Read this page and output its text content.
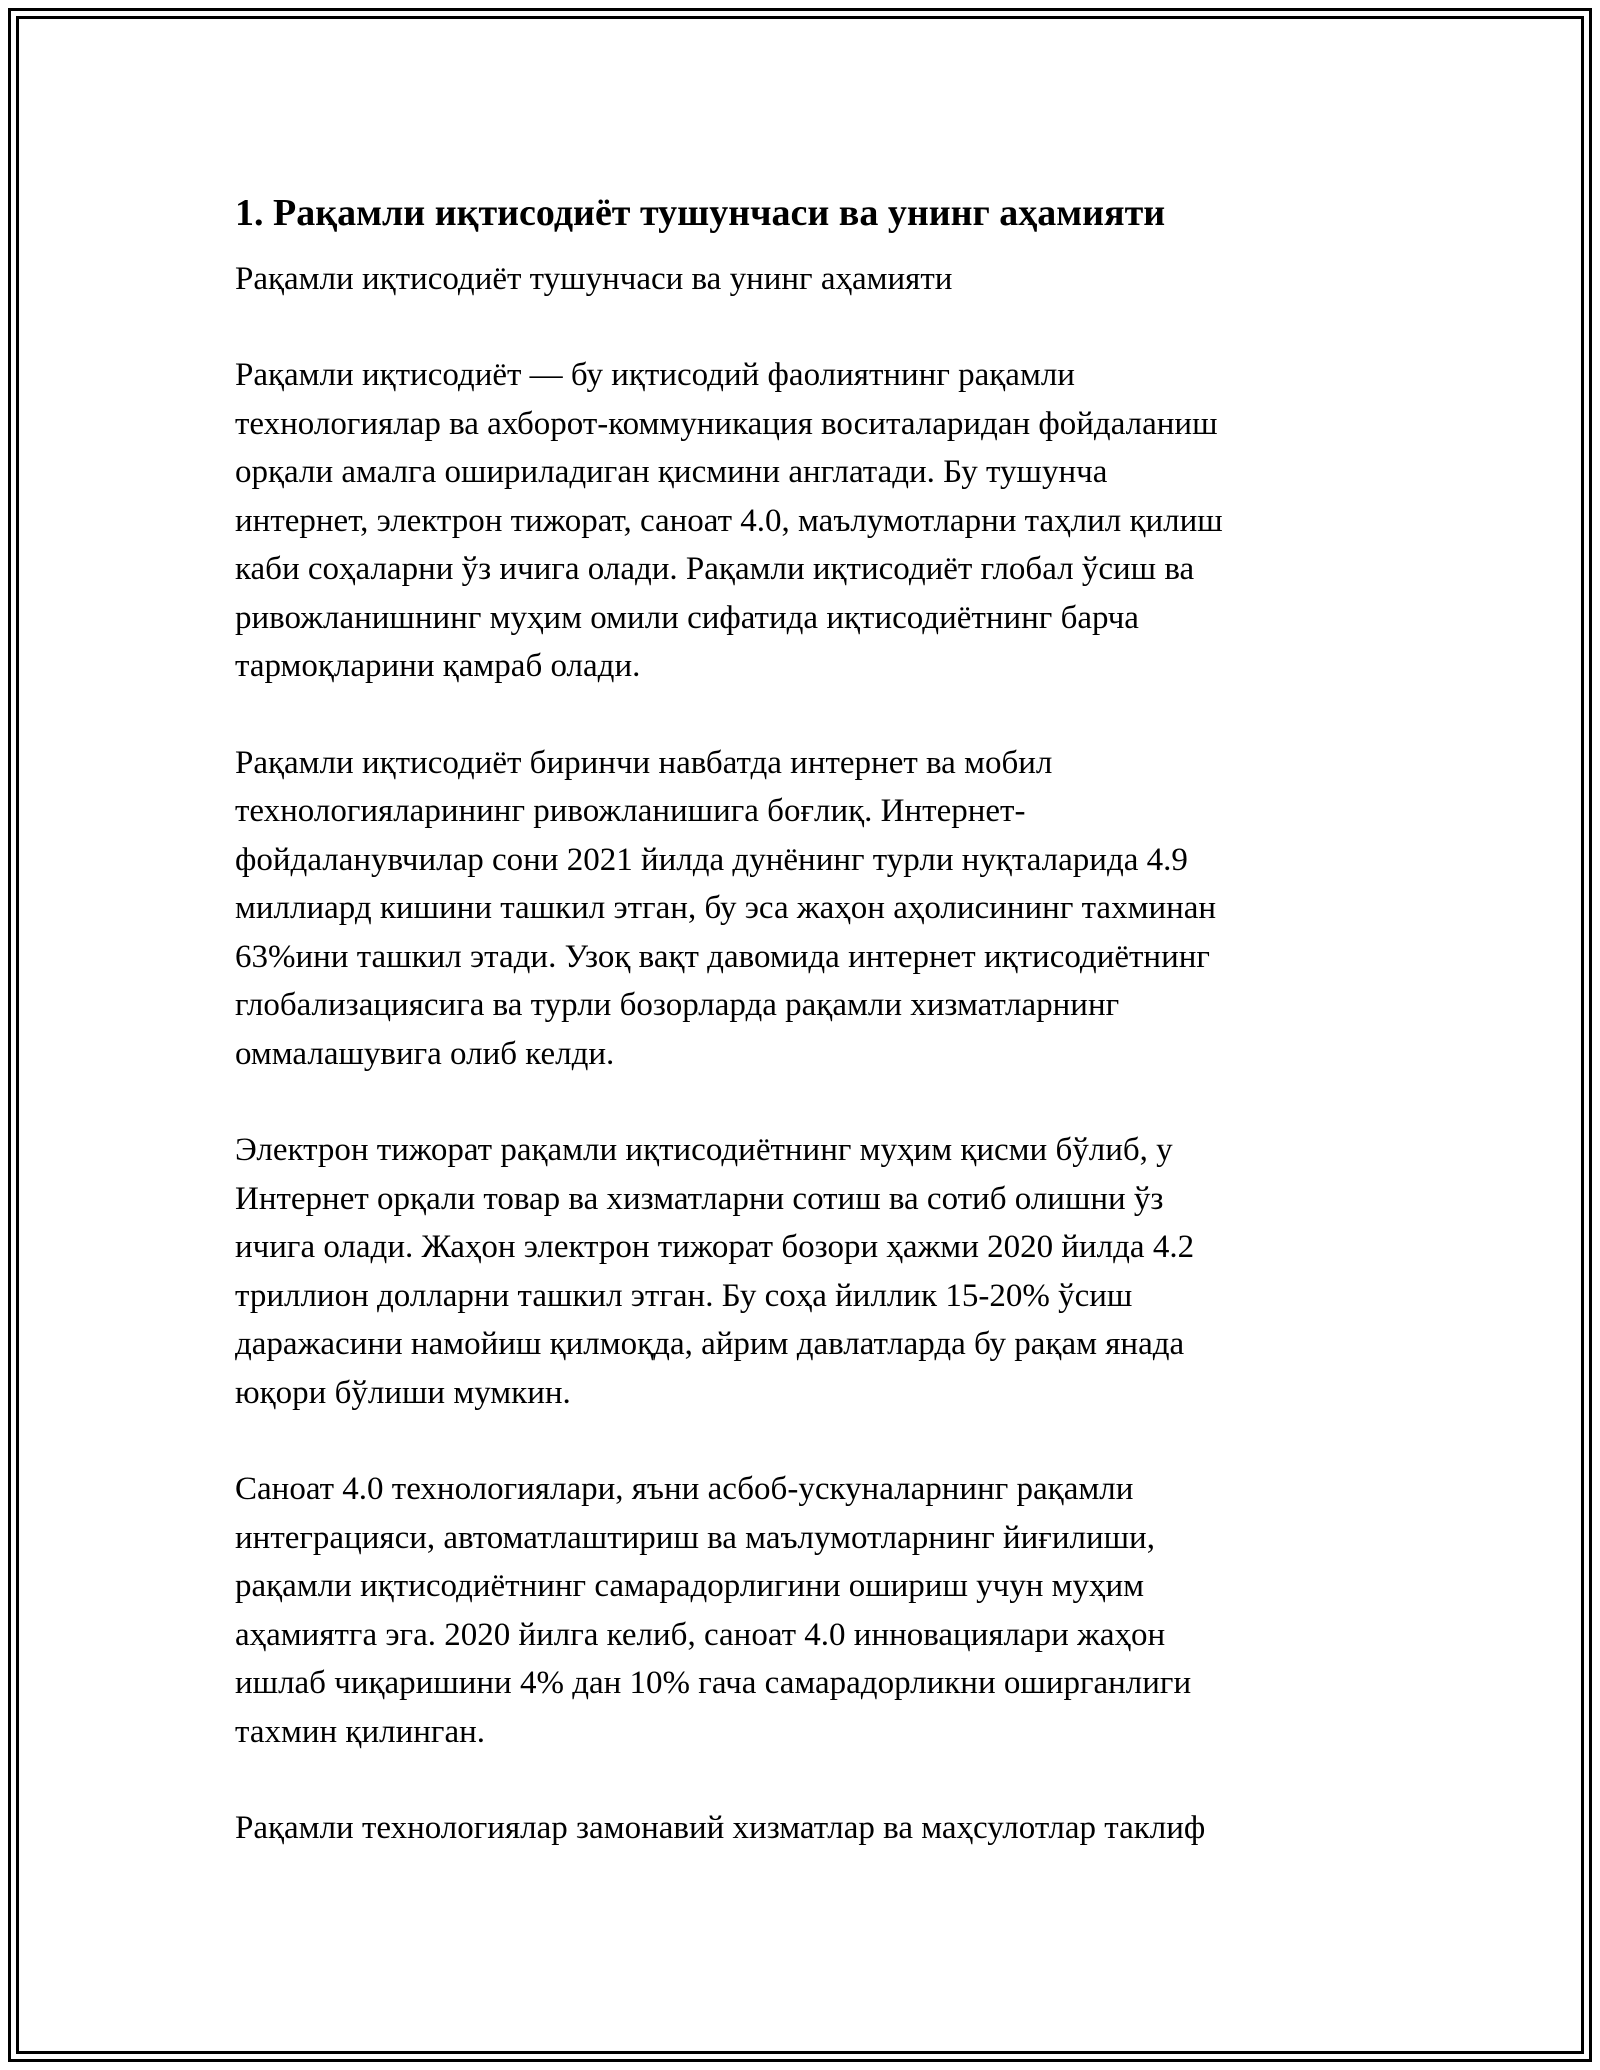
1. Рақамли иқтисодиёт тушунчаси ва унинг аҳамияти
Рақамли иқтисодиёт тушунчаси ва унинг аҳамияти
Рақамли иқтисодиёт — бу иқтисодий фаолиятнинг рақамли
технологиялар ва ахборот-коммуникация воситаларидан фойдаланиш
орқали амалга ошириладиган қисмини англатади. Бу тушунча
интернет, электрон тижорат, саноат 4.0, маълумотларни таҳлил қилиш
каби соҳаларни ўз ичига олади. Рақамли иқтисодиёт глобал ўсиш ва
ривожланишнинг муҳим омили сифатида иқтисодиётнинг барча
тармоқларини қамраб олади.
Рақамли иқтисодиёт биринчи навбатда интернет ва мобил
технологияларининг ривожланишига боғлиқ. Интернет-
фойдаланувчилар сони 2021 йилда дунёнинг турли нуқталарида 4.9
миллиард кишини ташкил этган, бу эса жаҳон аҳолисининг тахминан
63%ини ташкил этади. Узоқ вақт давомида интернет иқтисодиётнинг
глобализациясига ва турли бозорларда рақамли хизматларнинг
оммалашувига олиб келди.
Электрон тижорат рақамли иқтисодиётнинг муҳим қисми бўлиб, у
Интернет орқали товар ва хизматларни сотиш ва сотиб олишни ўз
ичига олади. Жаҳон электрон тижорат бозори ҳажми 2020 йилда 4.2
триллион долларни ташкил этган. Бу соҳа йиллик 15-20% ўсиш
даражасини намойиш қилмоқда, айрим давлатларда бу рақам янада
юқори бўлиши мумкин.
Саноат 4.0 технологиялари, яъни асбоб-ускуналарнинг рақамли
интеграцияси, автоматлаштириш ва маълумотларнинг йиғилиши,
рақамли иқтисодиётнинг самарадорлигини ошириш учун муҳим
аҳамиятга эга. 2020 йилга келиб, саноат 4.0 инновациялари жаҳон
ишлаб чиқаришини 4% дан 10% гача самарадорликни оширганлиги
тахмин қилинган.
Рақамли технологиялар замонавий хизматлар ва маҳсулотлар таклиф
